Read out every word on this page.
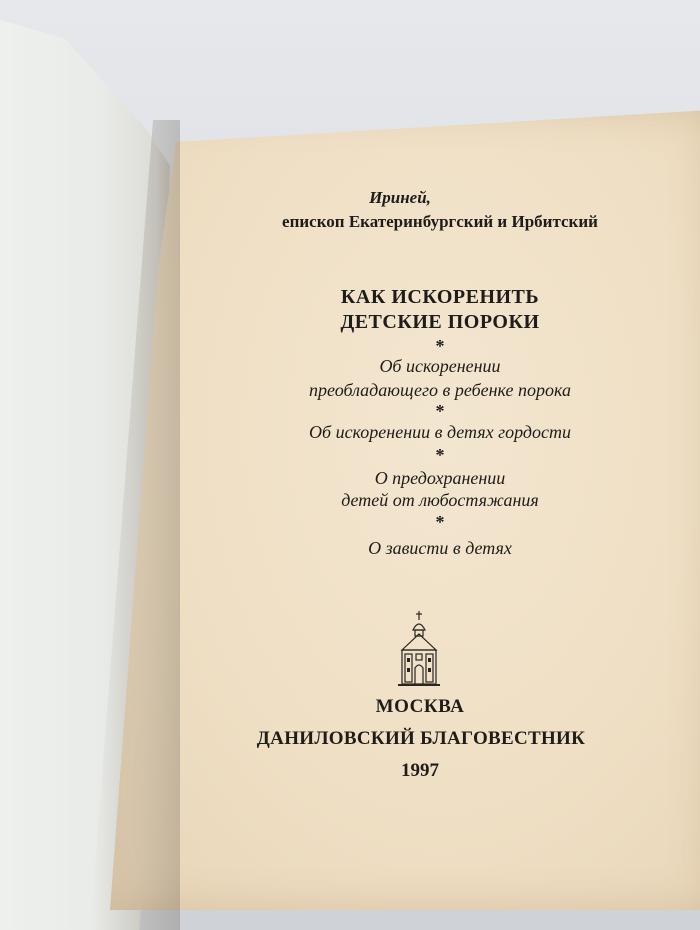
Ириней,
епископ Екатеринбургский и Ирбитский
КАК ИСКОРЕНИТЬ
ДЕТСКИЕ ПОРОКИ
*
Об искоренении
преобладающего в ребенке порока
*
Об искоренении в детях гордости
*
О предохранении
детей от любостяжания
*
О зависти в детях
МОСКВА
ДАНИЛОВСКИЙ БЛАГОВЕСТНИК
1997
